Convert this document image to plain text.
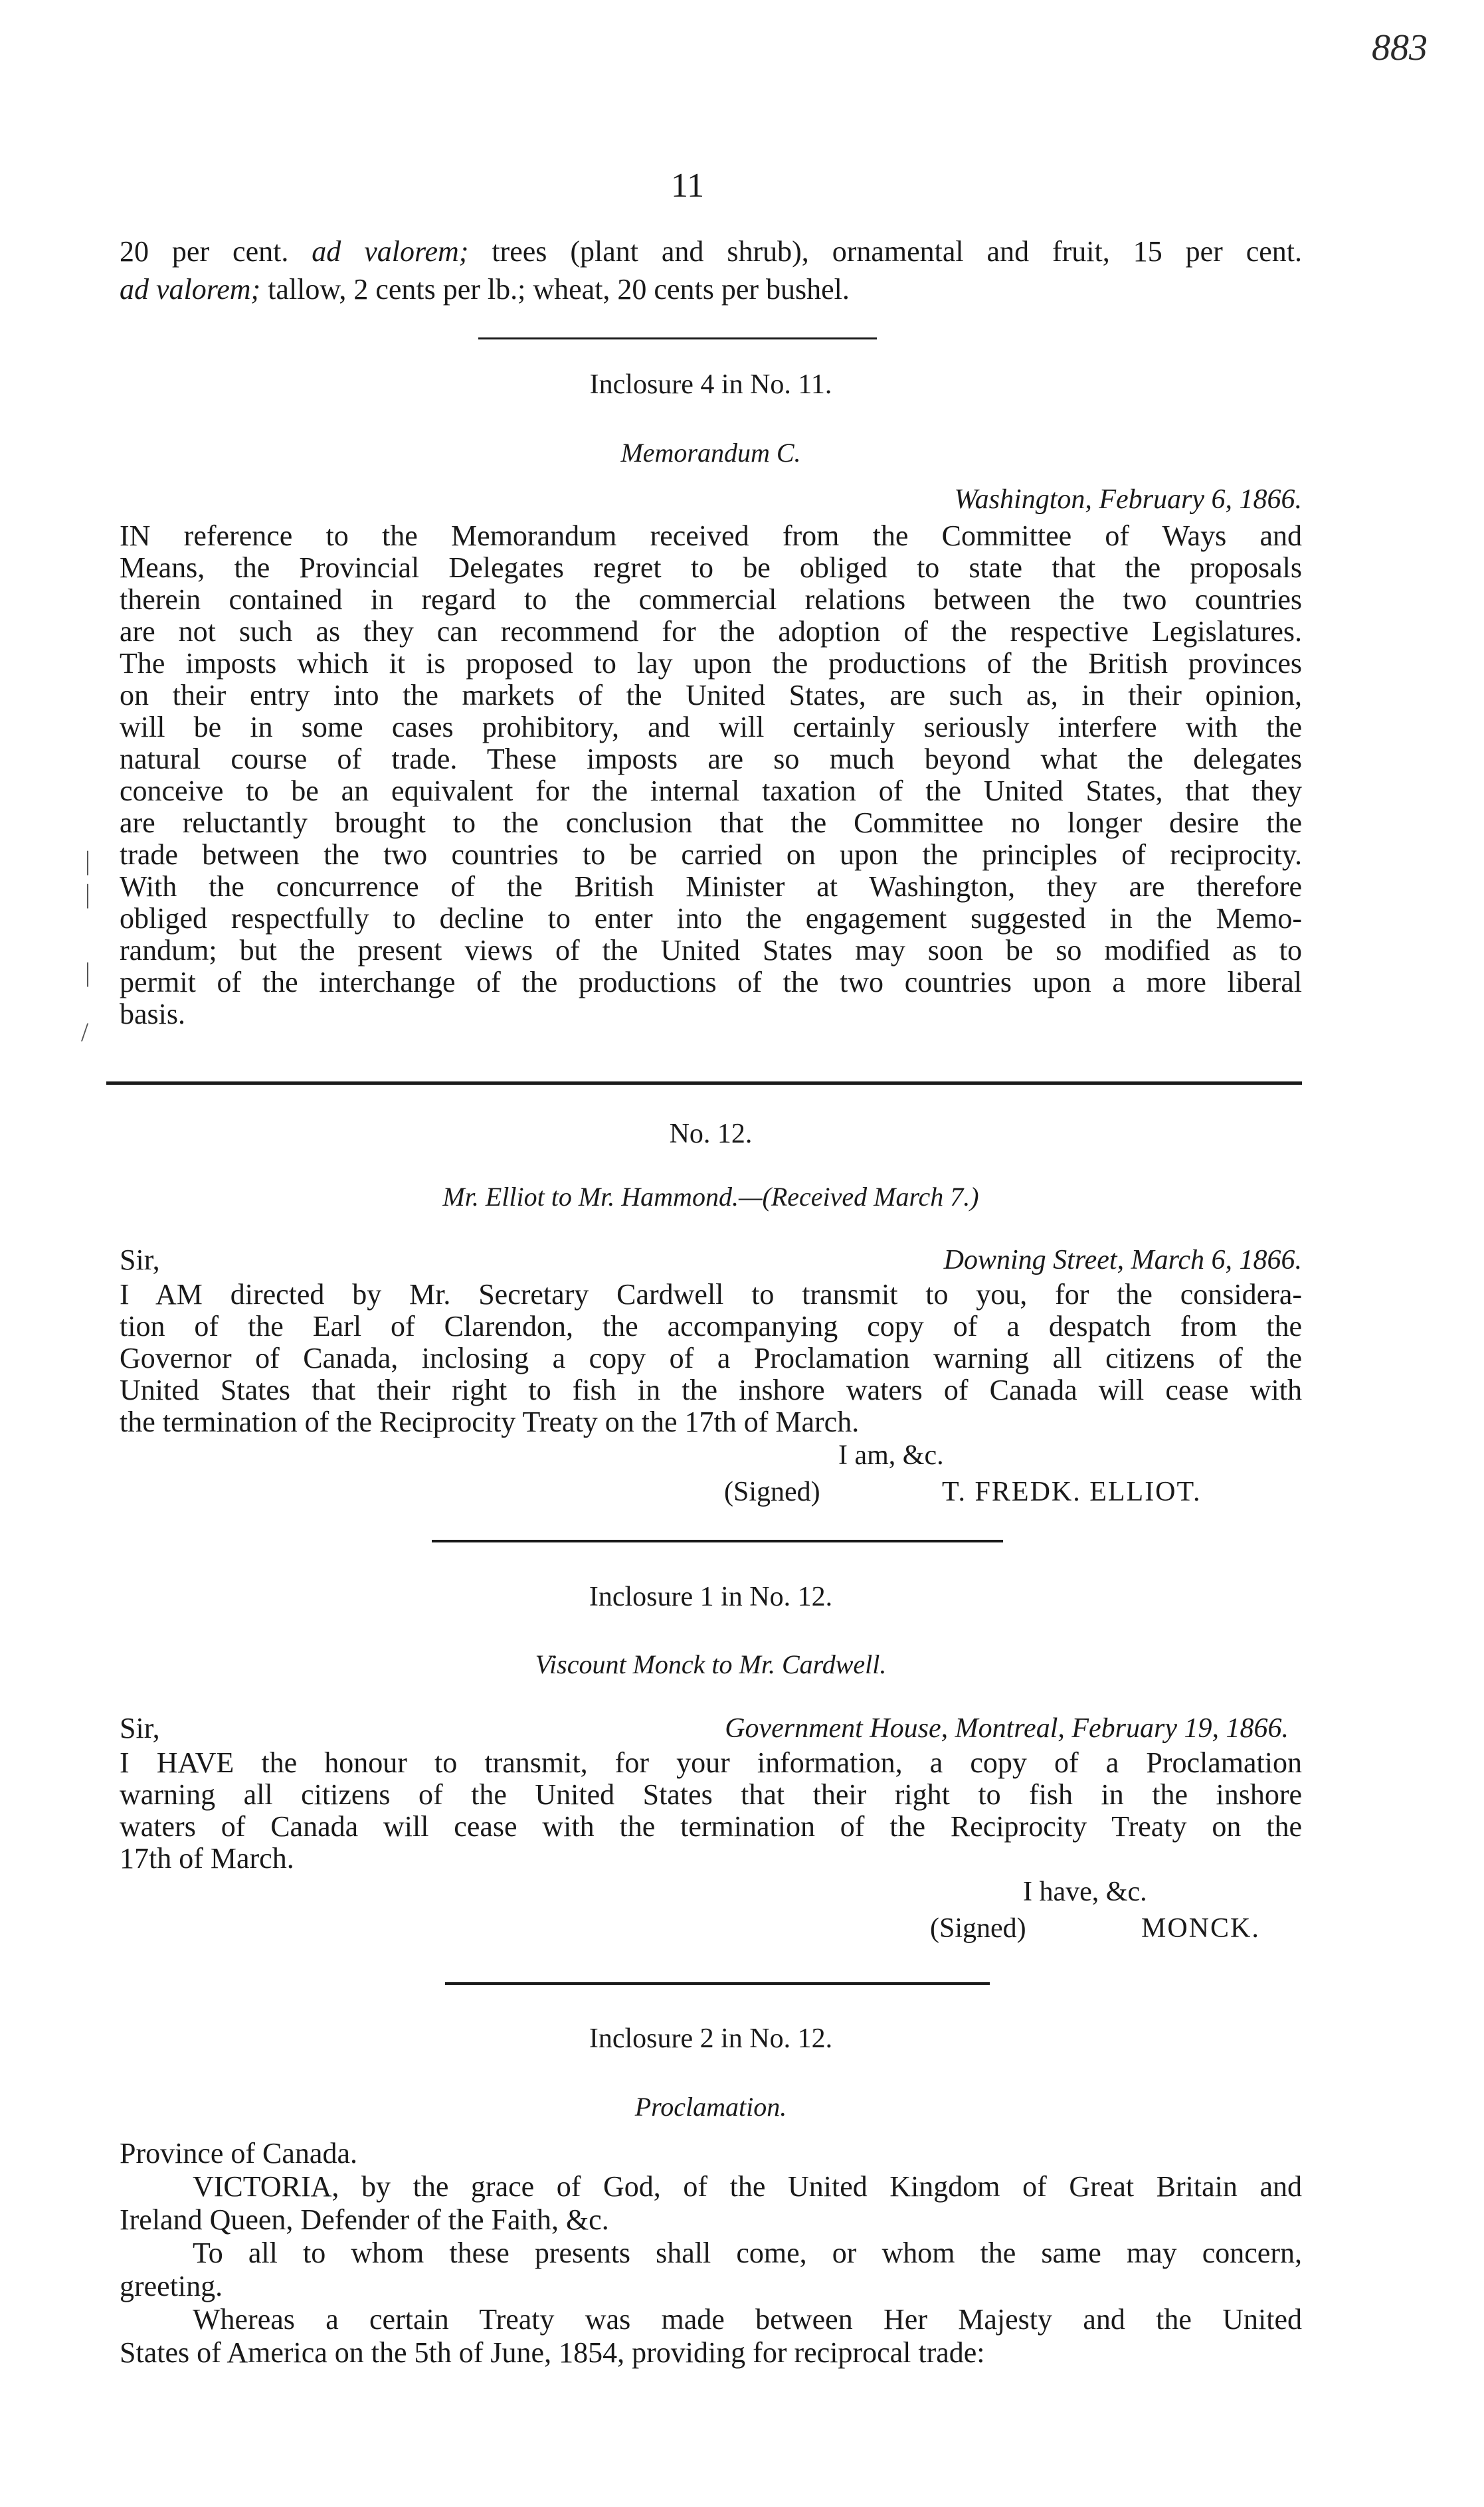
883
11
20 per cent. ad valorem; trees (plant and shrub), ornamental and fruit, 15 per cent.
ad valorem; tallow, 2 cents per lb.; wheat, 20 cents per bushel.
Inclosure 4 in No. 11.
Memorandum C.
Washington, February 6, 1866.
IN reference to the Memorandum received from the Committee of Ways and
Means, the Provincial Delegates regret to be obliged to state that the proposals
therein contained in regard to the commercial relations between the two countries
are not such as they can recommend for the adoption of the respective Legislatures.
The imposts which it is proposed to lay upon the productions of the British provinces
on their entry into the markets of the United States, are such as, in their opinion,
will be in some cases prohibitory, and will certainly seriously interfere with the
natural course of trade. These imposts are so much beyond what the delegates
conceive to be an equivalent for the internal taxation of the United States, that they
are reluctantly brought to the conclusion that the Committee no longer desire the
trade between the two countries to be carried on upon the principles of reciprocity.
With the concurrence of the British Minister at Washington, they are therefore
obliged respectfully to decline to enter into the engagement suggested in the Memo-
randum; but the present views of the United States may soon be so modified as to
permit of the interchange of the productions of the two countries upon a more liberal
basis.
|
|
|
/
No. 12.
Mr. Elliot to Mr. Hammond.—(Received March 7.)
Sir,	Downing Street, March 6, 1866.
I AM directed by Mr. Secretary Cardwell to transmit to you, for the considera-
tion of the Earl of Clarendon, the accompanying copy of a despatch from the
Governor of Canada, inclosing a copy of a Proclamation warning all citizens of the
United States that their right to fish in the inshore waters of Canada will cease with
the termination of the Reciprocity Treaty on the 17th of March.
I am, &c.
(Signed)	T. FREDK. ELLIOT.
Inclosure 1 in No. 12.
Viscount Monck to Mr. Cardwell.
Sir,	Government House, Montreal, February 19, 1866.
I HAVE the honour to transmit, for your information, a copy of a Proclamation
warning all citizens of the United States that their right to fish in the inshore
waters of Canada will cease with the termination of the Reciprocity Treaty on the
17th of March.
I have, &c.
(Signed)	MONCK.
Inclosure 2 in No. 12.
Proclamation.
Province of Canada.
VICTORIA, by the grace of God, of the United Kingdom of Great Britain and
Ireland Queen, Defender of the Faith, &c.
To all to whom these presents shall come, or whom the same may concern,
greeting.
Whereas a certain Treaty was made between Her Majesty and the United
States of America on the 5th of June, 1854, providing for reciprocal trade:
